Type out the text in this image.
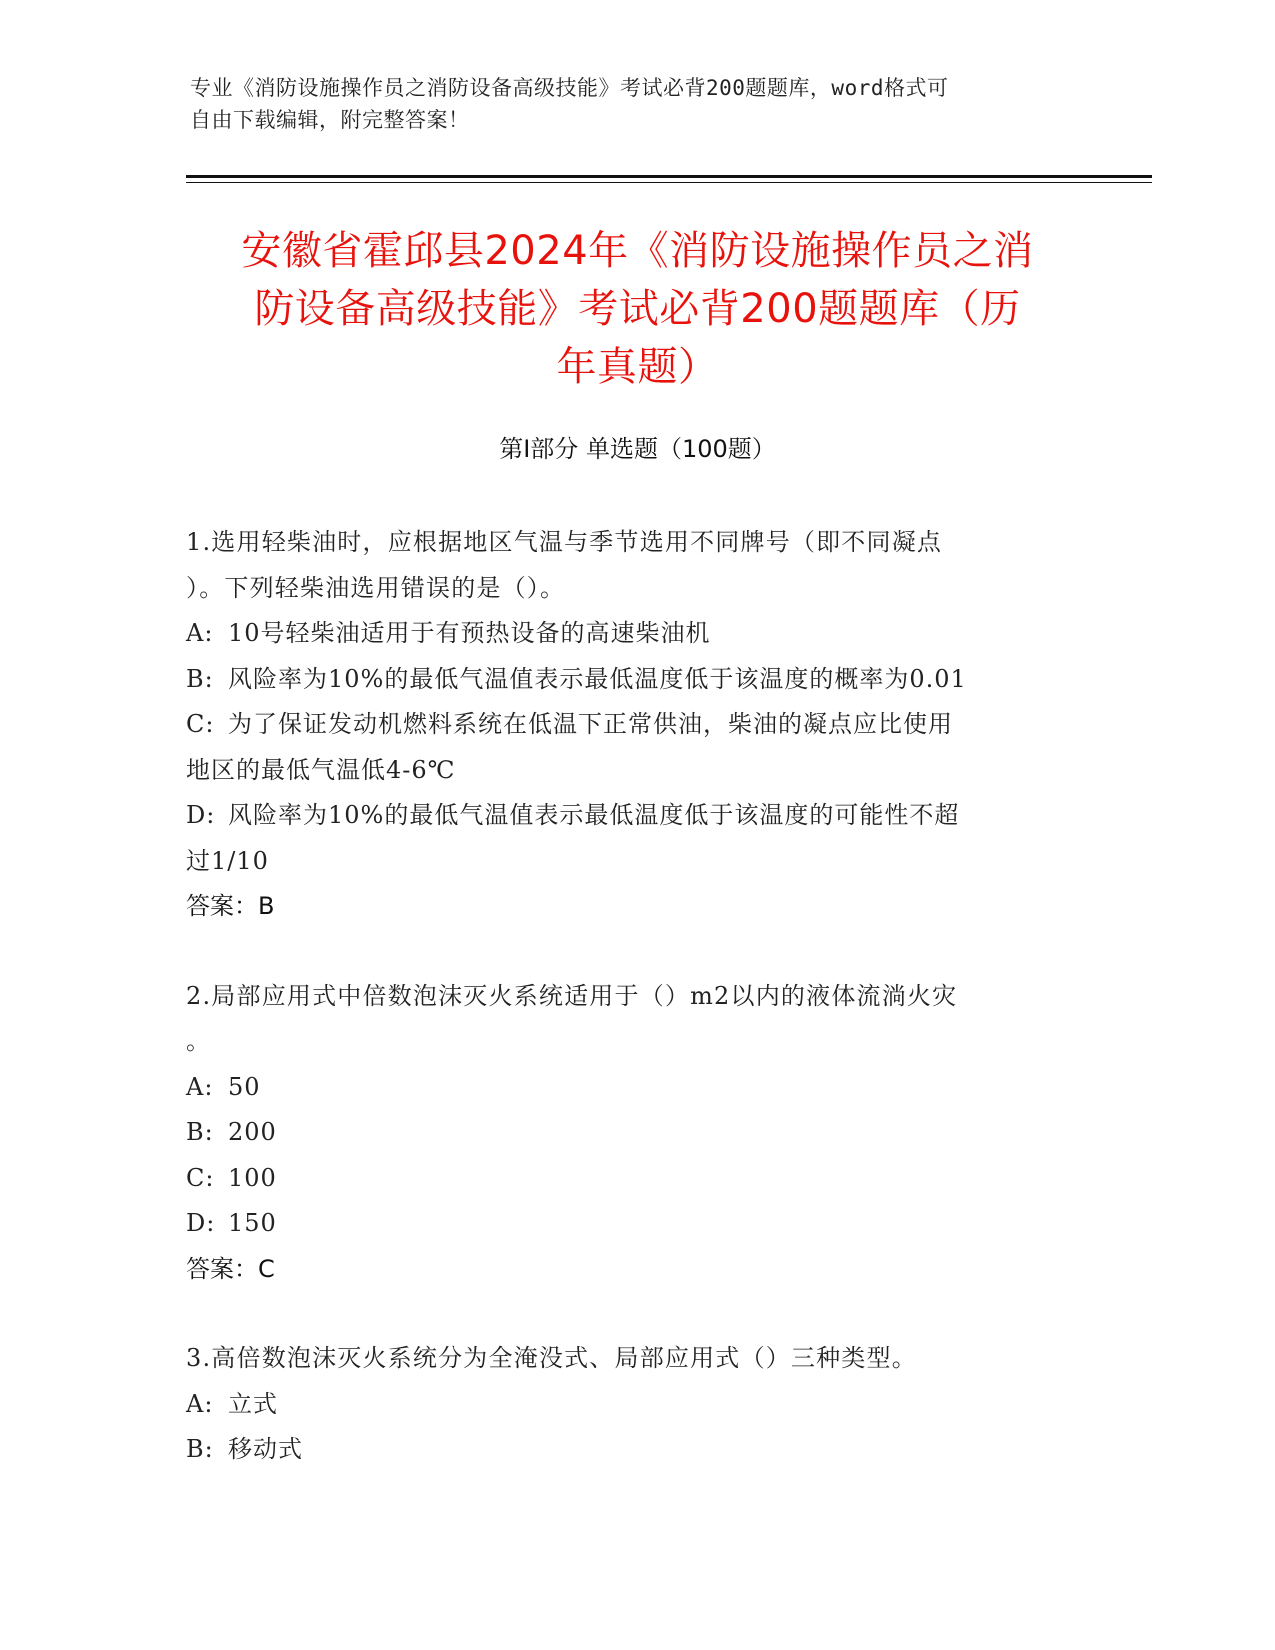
专业《消防设施操作员之消防设备高级技能》考试必背200题题库，word格式可
自由下载编辑，附完整答案！
安徽省霍邱县2024年《消防设施操作员之消
防设备高级技能》考试必背200题题库（历
年真题）
第Ⅰ部分 单选题（100题）
1.选用轻柴油时，应根据地区气温与季节选用不同牌号（即不同凝点
）。下列轻柴油选用错误的是（）。
A: 10号轻柴油适用于有预热设备的高速柴油机
B: 风险率为10%的最低气温值表示最低温度低于该温度的概率为0.01
C: 为了保证发动机燃料系统在低温下正常供油，柴油的凝点应比使用
地区的最低气温低4-6℃
D: 风险率为10%的最低气温值表示最低温度低于该温度的可能性不超
过1/10
答案：B
2.局部应用式中倍数泡沫灭火系统适用于（）m2以内的液体流淌火灾
。
A: 50
B: 200
C: 100
D: 150
答案：C
3.高倍数泡沫灭火系统分为全淹没式、局部应用式（）三种类型。
A: 立式
B: 移动式
